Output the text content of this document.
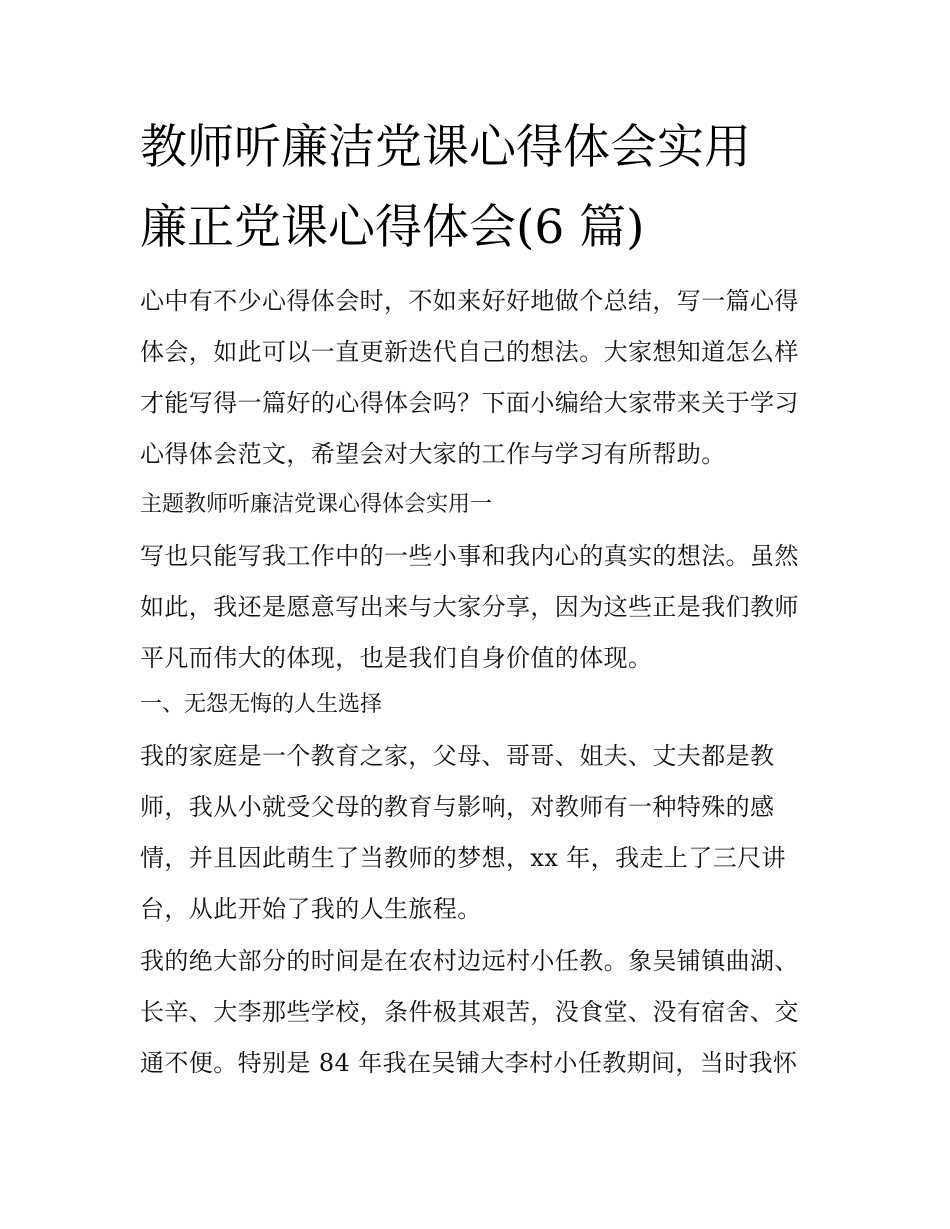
教师听廉洁党课心得体会实用
廉正党课心得体会(6 篇)

心中有不少心得体会时，不如来好好地做个总结，写一篇心得体会，如此可以一直更新迭代自己的想法。大家想知道怎么样才能写得一篇好的心得体会吗？下面小编给大家带来关于学习心得体会范文，希望会对大家的工作与学习有所帮助。

主题教师听廉洁党课心得体会实用一

写也只能写我工作中的一些小事和我内心的真实的想法。虽然如此，我还是愿意写出来与大家分享，因为这些正是我们教师平凡而伟大的体现，也是我们自身价值的体现。

一、无怨无悔的人生选择

我的家庭是一个教育之家，父母、哥哥、姐夫、丈夫都是教师，我从小就受父母的教育与影响，对教师有一种特殊的感情，并且因此萌生了当教师的梦想，xx 年，我走上了三尺讲台，从此开始了我的人生旅程。

我的绝大部分的时间是在农村边远村小任教。象吴铺镇曲湖、长辛、大李那些学校，条件极其艰苦，没食堂、没有宿舍、交通不便。特别是 84 年我在吴铺大李村小任教期间，当时我怀
